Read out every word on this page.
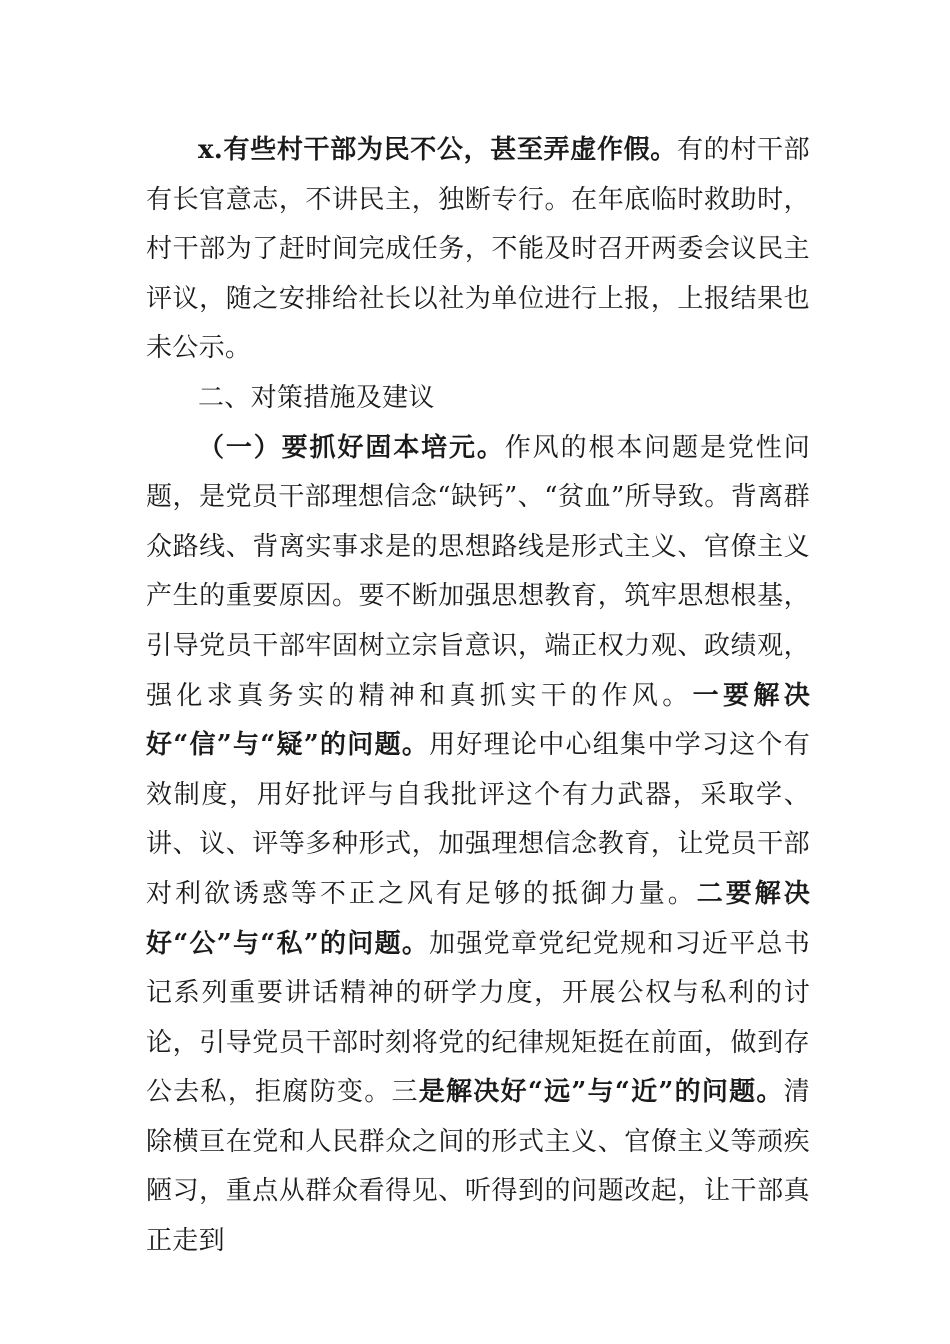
x.有些村干部为民不公，甚至弄虚作假。有的村干部有长官意志，不讲民主，独断专行。在年底临时救助时，村干部为了赶时间完成任务，不能及时召开两委会议民主评议，随之安排给社长以社为单位进行上报，上报结果也未公示。

二、对策措施及建议

（一）要抓好固本培元。作风的根本问题是党性问题，是党员干部理想信念“缺钙”、“贫血”所导致。背离群众路线、背离实事求是的思想路线是形式主义、官僚主义产生的重要原因。要不断加强思想教育，筑牢思想根基，引导党员干部牢固树立宗旨意识，端正权力观、政绩观，强化求真务实的精神和真抓实干的作风。一要解决好“信”与“疑”的问题。用好理论中心组集中学习这个有效制度，用好批评与自我批评这个有力武器，采取学、讲、议、评等多种形式，加强理想信念教育，让党员干部对利欲诱惑等不正之风有足够的抵御力量。二要解决好“公”与“私”的问题。加强党章党纪党规和习近平总书记系列重要讲话精神的研学力度，开展公权与私利的讨论，引导党员干部时刻将党的纪律规矩挺在前面，做到存公去私，拒腐防变。三是解决好“远”与“近”的问题。清除横亘在党和人民群众之间的形式主义、官僚主义等顽疾陋习，重点从群众看得见、听得到的问题改起，让干部真正走到
